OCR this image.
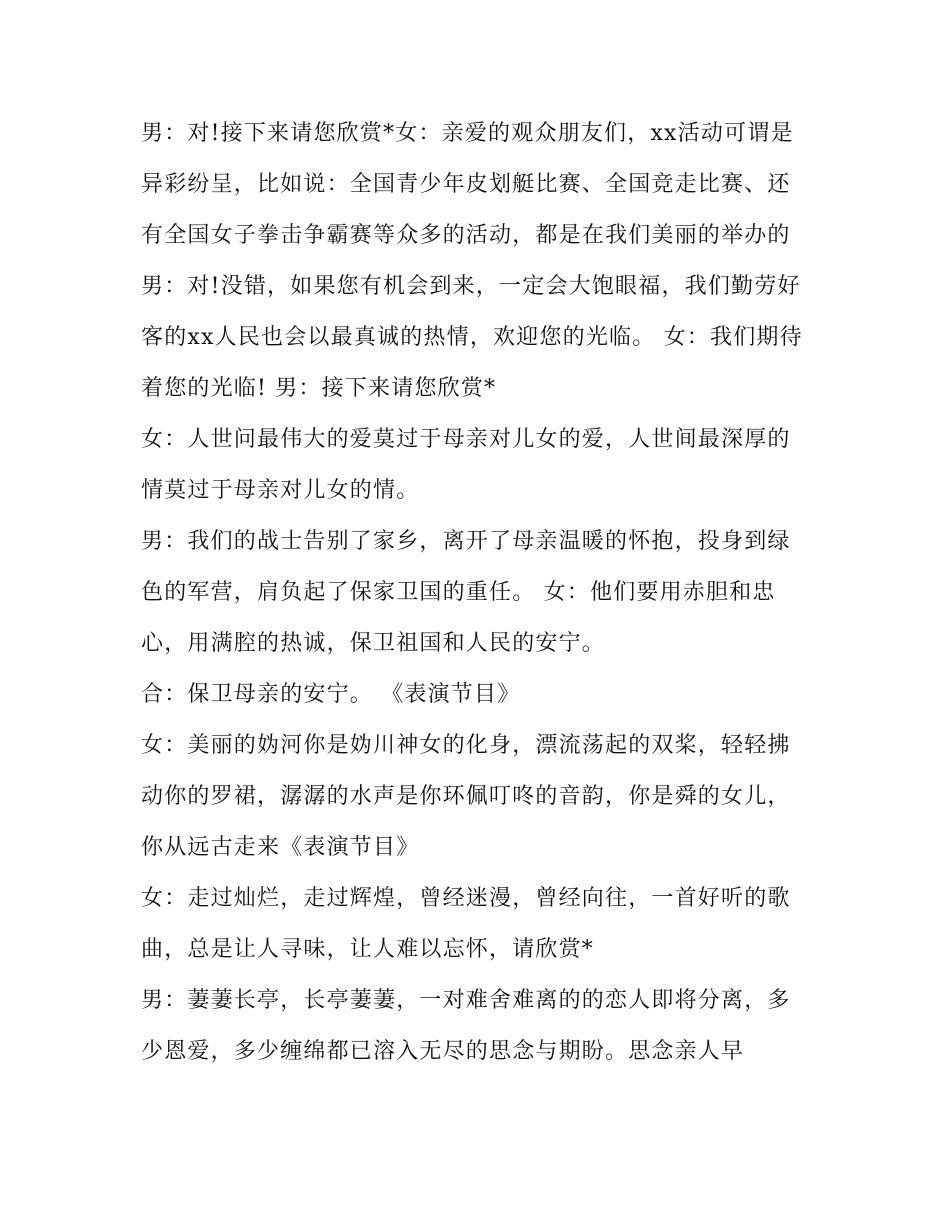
男：对!接下来请您欣赏*女：亲爱的观众朋友们，xx活动可谓是异彩纷呈，比如说：全国青少年皮划艇比赛、全国竞走比赛、还有全国女子拳击争霸赛等众多的活动，都是在我们美丽的举办的

男：对!没错，如果您有机会到来，一定会大饱眼福，我们勤劳好客的xx人民也会以最真诚的热情，欢迎您的光临。 女：我们期待着您的光临! 男：接下来请您欣赏*

女：人世问最伟大的爱莫过于母亲对儿女的爱，人世间最深厚的情莫过于母亲对儿女的情。

男：我们的战士告别了家乡，离开了母亲温暖的怀抱，投身到绿色的军营，肩负起了保家卫国的重任。 女：他们要用赤胆和忠心，用满腔的热诚，保卫祖国和人民的安宁。

合：保卫母亲的安宁。 《表演节目》

女：美丽的妫河你是妫川神女的化身，漂流荡起的双桨，轻轻拂动你的罗裙，潺潺的水声是你环佩叮咚的音韵，你是舜的女儿，你从远古走来《表演节目》

女：走过灿烂，走过辉煌，曾经迷漫，曾经向往，一首好听的歌曲，总是让人寻味，让人难以忘怀，请欣赏*

男：萋萋长亭，长亭萋萋，一对难舍难离的的恋人即将分离，多少恩爱，多少缠绵都已溶入无尽的思念与期盼。思念亲人早
